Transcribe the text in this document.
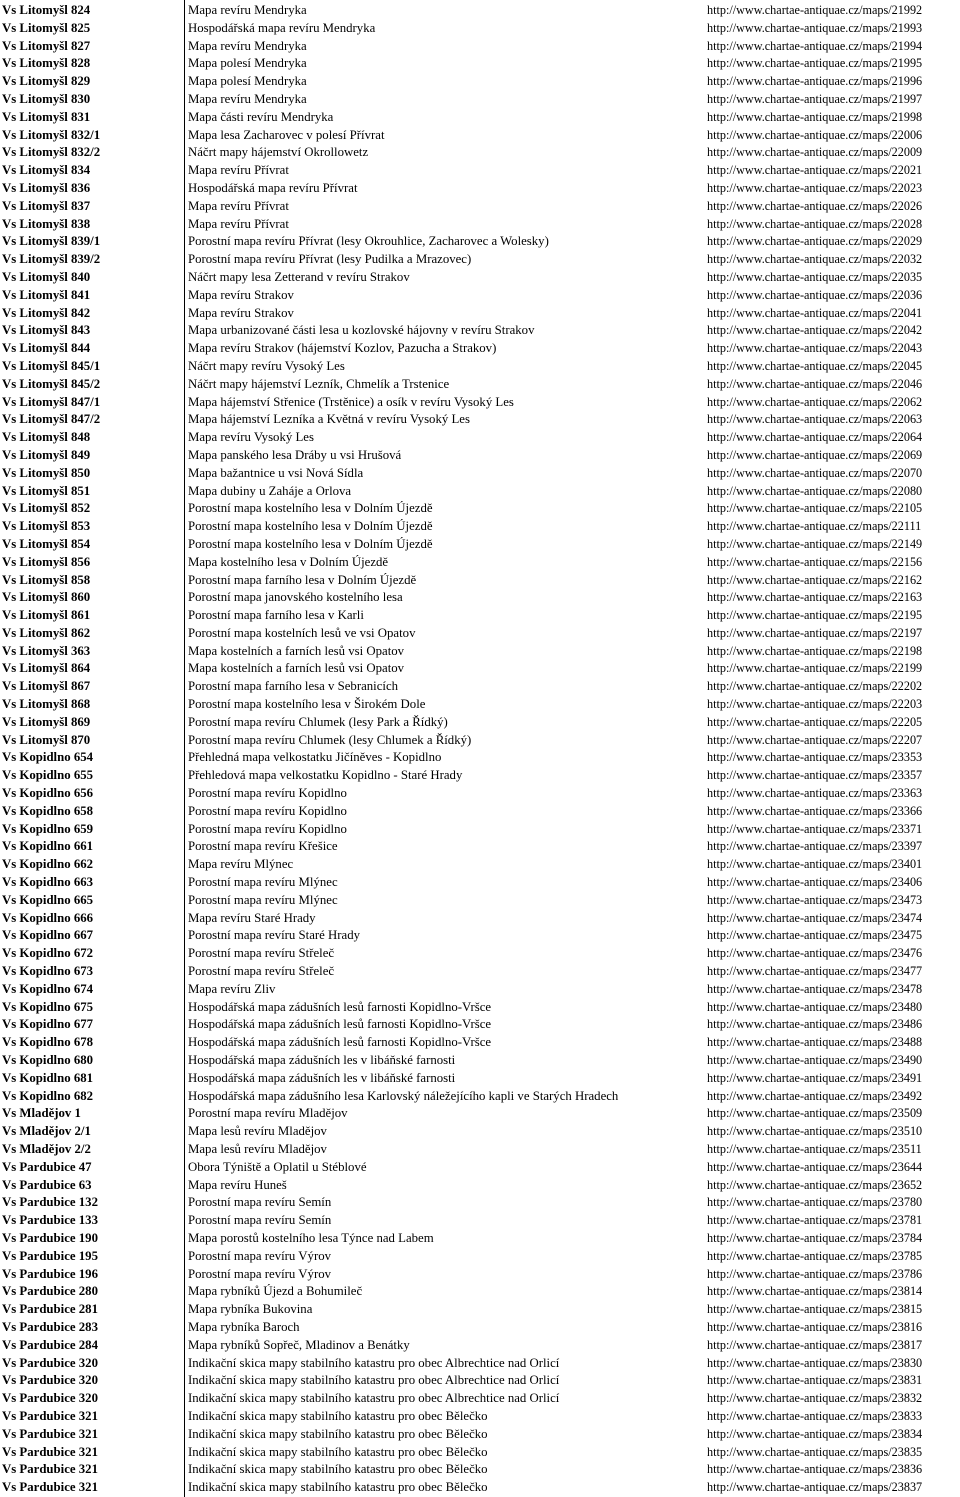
Vs Litomyšl 824	Mapa revíru Mendryka	http://www.chartae-antiquae.cz/maps/21992
Vs Litomyšl 825	Hospodářská mapa revíru Mendryka	http://www.chartae-antiquae.cz/maps/21993
Vs Litomyšl 827	Mapa revíru Mendryka	http://www.chartae-antiquae.cz/maps/21994
Vs Litomyšl 828	Mapa polesí Mendryka	http://www.chartae-antiquae.cz/maps/21995
Vs Litomyšl 829	Mapa polesí Mendryka	http://www.chartae-antiquae.cz/maps/21996
Vs Litomyšl 830	Mapa revíru Mendryka	http://www.chartae-antiquae.cz/maps/21997
Vs Litomyšl 831	Mapa části revíru Mendryka	http://www.chartae-antiquae.cz/maps/21998
Vs Litomyšl 832/1	Mapa lesa Zacharovec v polesí Přívrat	http://www.chartae-antiquae.cz/maps/22006
Vs Litomyšl 832/2	Náčrt mapy hájemství Okrollowetz	http://www.chartae-antiquae.cz/maps/22009
Vs Litomyšl 834	Mapa revíru Přívrat	http://www.chartae-antiquae.cz/maps/22021
Vs Litomyšl 836	Hospodářská mapa revíru Přívrat	http://www.chartae-antiquae.cz/maps/22023
Vs Litomyšl 837	Mapa revíru Přívrat	http://www.chartae-antiquae.cz/maps/22026
Vs Litomyšl 838	Mapa revíru Přívrat	http://www.chartae-antiquae.cz/maps/22028
Vs Litomyšl 839/1	Porostní mapa revíru Přívrat (lesy Okrouhlice, Zacharovec a Wolesky)	http://www.chartae-antiquae.cz/maps/22029
Vs Litomyšl 839/2	Porostní mapa revíru Přívrat (lesy Pudilka a Mrazovec)	http://www.chartae-antiquae.cz/maps/22032
Vs Litomyšl 840	Náčrt mapy lesa Zetterand v revíru Strakov	http://www.chartae-antiquae.cz/maps/22035
Vs Litomyšl 841	Mapa revíru Strakov	http://www.chartae-antiquae.cz/maps/22036
Vs Litomyšl 842	Mapa revíru Strakov	http://www.chartae-antiquae.cz/maps/22041
Vs Litomyšl 843	Mapa urbanizované části lesa u kozlovské hájovny v revíru Strakov	http://www.chartae-antiquae.cz/maps/22042
Vs Litomyšl 844	Mapa revíru Strakov (hájemství Kozlov, Pazucha a Strakov)	http://www.chartae-antiquae.cz/maps/22043
Vs Litomyšl 845/1	Náčrt mapy revíru Vysoký Les	http://www.chartae-antiquae.cz/maps/22045
Vs Litomyšl 845/2	Náčrt mapy hájemství Lezník, Chmelík a Trstenice	http://www.chartae-antiquae.cz/maps/22046
Vs Litomyšl 847/1	Mapa hájemství Střenice (Trstěnice) a osík v revíru Vysoký Les	http://www.chartae-antiquae.cz/maps/22062
Vs Litomyšl 847/2	Mapa hájemství Lezníka a Květná v revíru Vysoký Les	http://www.chartae-antiquae.cz/maps/22063
Vs Litomyšl 848	Mapa revíru Vysoký Les	http://www.chartae-antiquae.cz/maps/22064
Vs Litomyšl 849	Mapa panského lesa Dráby u vsi Hrušová	http://www.chartae-antiquae.cz/maps/22069
Vs Litomyšl 850	Mapa bažantnice u vsi Nová Sídla	http://www.chartae-antiquae.cz/maps/22070
Vs Litomyšl 851	Mapa dubiny u Zaháje a Orlova	http://www.chartae-antiquae.cz/maps/22080
Vs Litomyšl 852	Porostní mapa kostelního lesa v Dolním Újezdě	http://www.chartae-antiquae.cz/maps/22105
Vs Litomyšl 853	Porostní mapa kostelního lesa v Dolním Újezdě	http://www.chartae-antiquae.cz/maps/22111
Vs Litomyšl 854	Porostní mapa kostelního lesa v Dolním Újezdě	http://www.chartae-antiquae.cz/maps/22149
Vs Litomyšl 856	Mapa kostelního lesa v Dolním Újezdě	http://www.chartae-antiquae.cz/maps/22156
Vs Litomyšl 858	Porostní mapa farního lesa v Dolním Újezdě	http://www.chartae-antiquae.cz/maps/22162
Vs Litomyšl 860	Porostní mapa janovského kostelního lesa	http://www.chartae-antiquae.cz/maps/22163
Vs Litomyšl 861	Porostní mapa farního lesa v Karli	http://www.chartae-antiquae.cz/maps/22195
Vs Litomyšl 862	Porostní mapa kostelních lesů ve vsi Opatov	http://www.chartae-antiquae.cz/maps/22197
Vs Litomyšl 363	Mapa kostelních a farních lesů vsi Opatov	http://www.chartae-antiquae.cz/maps/22198
Vs Litomyšl 864	Mapa kostelních a farních lesů vsi Opatov	http://www.chartae-antiquae.cz/maps/22199
Vs Litomyšl 867	Porostní mapa farního lesa v Sebranicích	http://www.chartae-antiquae.cz/maps/22202
Vs Litomyšl 868	Porostní mapa kostelního lesa v Širokém Dole	http://www.chartae-antiquae.cz/maps/22203
Vs Litomyšl 869	Porostní mapa revíru Chlumek (lesy Park a Řídký)	http://www.chartae-antiquae.cz/maps/22205
Vs Litomyšl 870	Porostní mapa revíru Chlumek (lesy Chlumek a Řídký)	http://www.chartae-antiquae.cz/maps/22207
Vs Kopidlno 654	Přehledná mapa velkostatku Jičíněves - Kopidlno	http://www.chartae-antiquae.cz/maps/23353
Vs Kopidlno 655	Přehledová mapa velkostatku Kopidlno - Staré Hrady	http://www.chartae-antiquae.cz/maps/23357
Vs Kopidlno 656	Porostní mapa revíru Kopidlno	http://www.chartae-antiquae.cz/maps/23363
Vs Kopidlno 658	Porostní mapa revíru Kopidlno	http://www.chartae-antiquae.cz/maps/23366
Vs Kopidlno 659	Porostní mapa revíru Kopidlno	http://www.chartae-antiquae.cz/maps/23371
Vs Kopidlno 661	Porostní mapa revíru Křešice	http://www.chartae-antiquae.cz/maps/23397
Vs Kopidlno 662	Mapa revíru Mlýnec	http://www.chartae-antiquae.cz/maps/23401
Vs Kopidlno 663	Porostní mapa revíru Mlýnec	http://www.chartae-antiquae.cz/maps/23406
Vs Kopidlno 665	Porostní mapa revíru Mlýnec	http://www.chartae-antiquae.cz/maps/23473
Vs Kopidlno 666	Mapa revíru Staré Hrady	http://www.chartae-antiquae.cz/maps/23474
Vs Kopidlno 667	Porostní mapa revíru Staré Hrady	http://www.chartae-antiquae.cz/maps/23475
Vs Kopidlno 672	Porostní mapa revíru Střeleč	http://www.chartae-antiquae.cz/maps/23476
Vs Kopidlno 673	Porostní mapa revíru Střeleč	http://www.chartae-antiquae.cz/maps/23477
Vs Kopidlno 674	Mapa revíru Zliv	http://www.chartae-antiquae.cz/maps/23478
Vs Kopidlno 675	Hospodářská mapa zádušních lesů farnosti Kopidlno-Vršce	http://www.chartae-antiquae.cz/maps/23480
Vs Kopidlno 677	Hospodářská mapa zádušních lesů farnosti Kopidlno-Vršce	http://www.chartae-antiquae.cz/maps/23486
Vs Kopidlno 678	Hospodářská mapa zádušních lesů farnosti Kopidlno-Vršce	http://www.chartae-antiquae.cz/maps/23488
Vs Kopidlno 680	Hospodářská mapa zádušních les v libáňské farnosti	http://www.chartae-antiquae.cz/maps/23490
Vs Kopidlno 681	Hospodářská mapa zádušních les v libáňské farnosti	http://www.chartae-antiquae.cz/maps/23491
Vs Kopidlno 682	Hospodářská mapa zádušního lesa Karlovský náležejícího kapli ve Starých Hradech	http://www.chartae-antiquae.cz/maps/23492
Vs Mladějov 1	Porostní mapa revíru Mladějov	http://www.chartae-antiquae.cz/maps/23509
Vs Mladějov 2/1	Mapa lesů revíru Mladějov	http://www.chartae-antiquae.cz/maps/23510
Vs Mladějov 2/2	Mapa lesů revíru Mladějov	http://www.chartae-antiquae.cz/maps/23511
Vs Pardubice 47	Obora Týniště a Oplatil u Stéblové	http://www.chartae-antiquae.cz/maps/23644
Vs Pardubice 63	Mapa revíru Huneš	http://www.chartae-antiquae.cz/maps/23652
Vs Pardubice 132	Porostní mapa revíru Semín	http://www.chartae-antiquae.cz/maps/23780
Vs Pardubice 133	Porostní mapa revíru Semín	http://www.chartae-antiquae.cz/maps/23781
Vs Pardubice 190	Mapa porostů kostelního lesa Týnce nad Labem	http://www.chartae-antiquae.cz/maps/23784
Vs Pardubice 195	Porostní mapa revíru Výrov	http://www.chartae-antiquae.cz/maps/23785
Vs Pardubice 196	Porostní mapa revíru Výrov	http://www.chartae-antiquae.cz/maps/23786
Vs Pardubice 280	Mapa rybníků Újezd a Bohumileč	http://www.chartae-antiquae.cz/maps/23814
Vs Pardubice 281	Mapa rybníka Bukovina	http://www.chartae-antiquae.cz/maps/23815
Vs Pardubice 283	Mapa rybníka Baroch	http://www.chartae-antiquae.cz/maps/23816
Vs Pardubice 284	Mapa rybníků Sopřeč, Mladinov a Benátky	http://www.chartae-antiquae.cz/maps/23817
Vs Pardubice 320	Indikační skica mapy stabilního katastru pro obec Albrechtice nad Orlicí	http://www.chartae-antiquae.cz/maps/23830
Vs Pardubice 320	Indikační skica mapy stabilního katastru pro obec Albrechtice nad Orlicí	http://www.chartae-antiquae.cz/maps/23831
Vs Pardubice 320	Indikační skica mapy stabilního katastru pro obec Albrechtice nad Orlicí	http://www.chartae-antiquae.cz/maps/23832
Vs Pardubice 321	Indikační skica mapy stabilního katastru pro obec Bělečko	http://www.chartae-antiquae.cz/maps/23833
Vs Pardubice 321	Indikační skica mapy stabilního katastru pro obec Bělečko	http://www.chartae-antiquae.cz/maps/23834
Vs Pardubice 321	Indikační skica mapy stabilního katastru pro obec Bělečko	http://www.chartae-antiquae.cz/maps/23835
Vs Pardubice 321	Indikační skica mapy stabilního katastru pro obec Bělečko	http://www.chartae-antiquae.cz/maps/23836
Vs Pardubice 321	Indikační skica mapy stabilního katastru pro obec Bělečko	http://www.chartae-antiquae.cz/maps/23837
